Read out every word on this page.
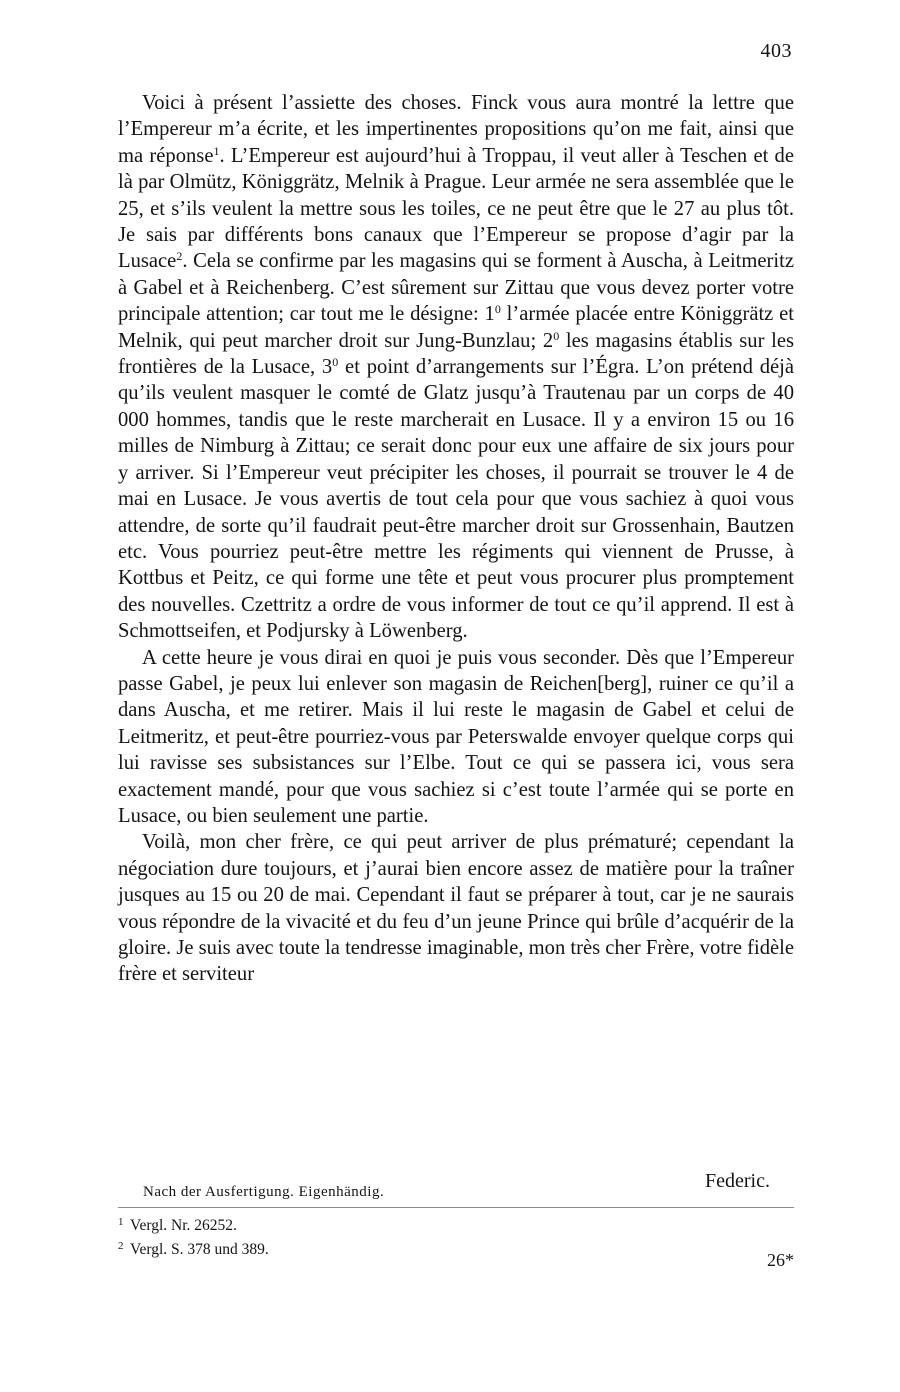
403

Voici à présent l’assiette des choses. Finck vous aura montré la lettre que l’Empereur m’a écrite, et les impertinentes propositions qu’on me fait, ainsi que ma réponse$^1$. L’Empereur est aujourd’hui à Troppau, il veut aller à Teschen et de là par Olmütz, Königgrätz, Melnik à Prague. Leur armée ne sera assemblée que le 25, et s’ils veulent la mettre sous les toiles, ce ne peut être que le 27 au plus tôt. Je sais par différents bons canaux que l’Empereur se propose d’agir par la Lusace$^2$. Cela se confirme par les magasins qui se forment à Auscha, à Leitmeritz à Gabel et à Reichenberg. C’est sûrement sur Zittau que vous devez porter votre principale attention; car tout me le désigne: $1^0$ l’armée placée entre Königgrätz et Melnik, qui peut marcher droit sur Jung-Bunzlau; $2^0$ les magasins établis sur les frontières de la Lusace, $3^0$ et point d’arrangements sur l’Égra. L’on prétend déjà qu’ils veulent masquer le comté de Glatz jusqu’à Trautenau par un corps de 40 000 hommes, tandis que le reste marcherait en Lusace. Il y a environ 15 ou 16 milles de Nimburg à Zittau; ce serait donc pour eux une affaire de six jours pour y arriver. Si l’Empereur veut précipiter les choses, il pourrait se trouver le 4 de mai en Lusace. Je vous avertis de tout cela pour que vous sachiez à quoi vous attendre, de sorte qu’il faudrait peut-être marcher droit sur Grossenhain, Bautzen etc. Vous pourriez peut-être mettre les régiments qui viennent de Prusse, à Kottbus et Peitz, ce qui forme une tête et peut vous procurer plus promptement des nouvelles. Czettritz a ordre de vous informer de tout ce qu’il apprend. Il est à Schmottseifen, et Podjursky à Löwenberg.

A cette heure je vous dirai en quoi je puis vous seconder. Dès que l’Empereur passe Gabel, je peux lui enlever son magasin de Reichen[berg], ruiner ce qu’il a dans Auscha, et me retirer. Mais il lui reste le magasin de Gabel et celui de Leitmeritz, et peut-être pourriez-vous par Peterswalde envoyer quelque corps qui lui ravisse ses subsistances sur l’Elbe. Tout ce qui se passera ici, vous sera exactement mandé, pour que vous sachiez si c’est toute l’armée qui se porte en Lusace, ou bien seulement une partie.

Voilà, mon cher frère, ce qui peut arriver de plus prématuré; cependant la négociation dure toujours, et j’aurai bien encore assez de matière pour la traîner jusques au 15 ou 20 de mai. Cependant il faut se préparer à tout, car je ne saurais vous répondre de la vivacité et du feu d’un jeune Prince qui brûle d’acquérir de la gloire. Je suis avec toute la tendresse imaginable, mon très cher Frère, votre fidèle frère et serviteur

Federic.
Nach der Ausfertigung. Eigenhändig.
1 Vergl. Nr. 26252.
2 Vergl. S. 378 und 389.
26*
